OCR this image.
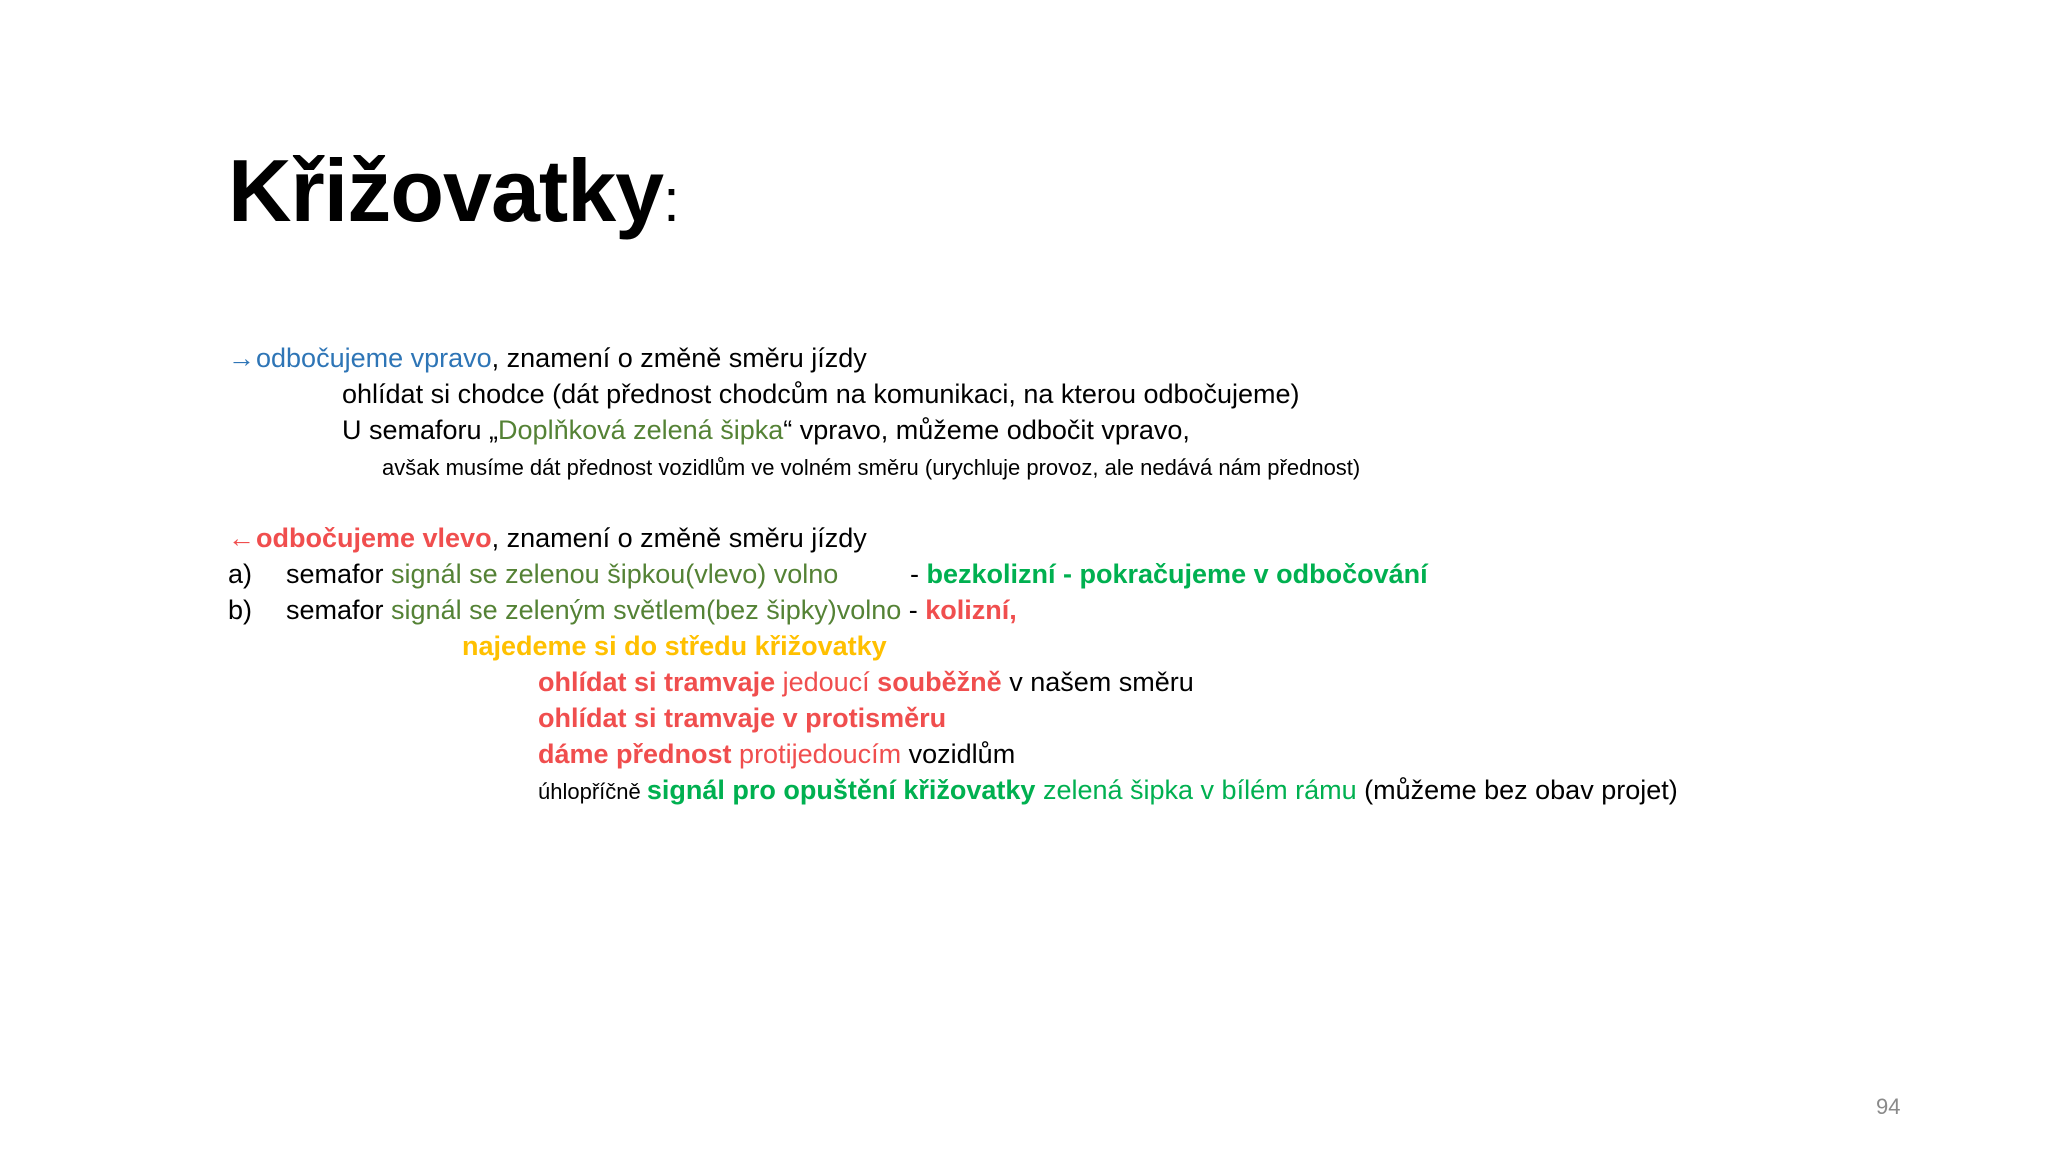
Křižovatky:
→odbočujeme vpravo, znamení o změně směru jízdy
ohlídat si chodce (dát přednost chodcům na komunikaci, na kterou odbočujeme)
U semaforu „Doplňková zelená šipka“ vpravo, můžeme odbočit vpravo,
avšak musíme dát přednost vozidlům ve volném směru (urychluje provoz, ale nedává nám přednost)
←odbočujeme vlevo, znamení o změně směru jízdy
a) semafor signál se zelenou šipkou(vlevo) volno	- bezkolizní - pokračujeme v odbočování
b) semafor signál se zeleným světlem(bez šipky)volno - kolizní,
najedeme si do středu křižovatky
ohlídat si tramvaje jedoucí souběžně v našem směru
ohlídat si tramvaje v protisměru
dáme přednost protijedoucím vozidlům
úhlopříčně signál pro opuštění křižovatky zelená šipka v bílém rámu (můžeme bez obav projet)
94
